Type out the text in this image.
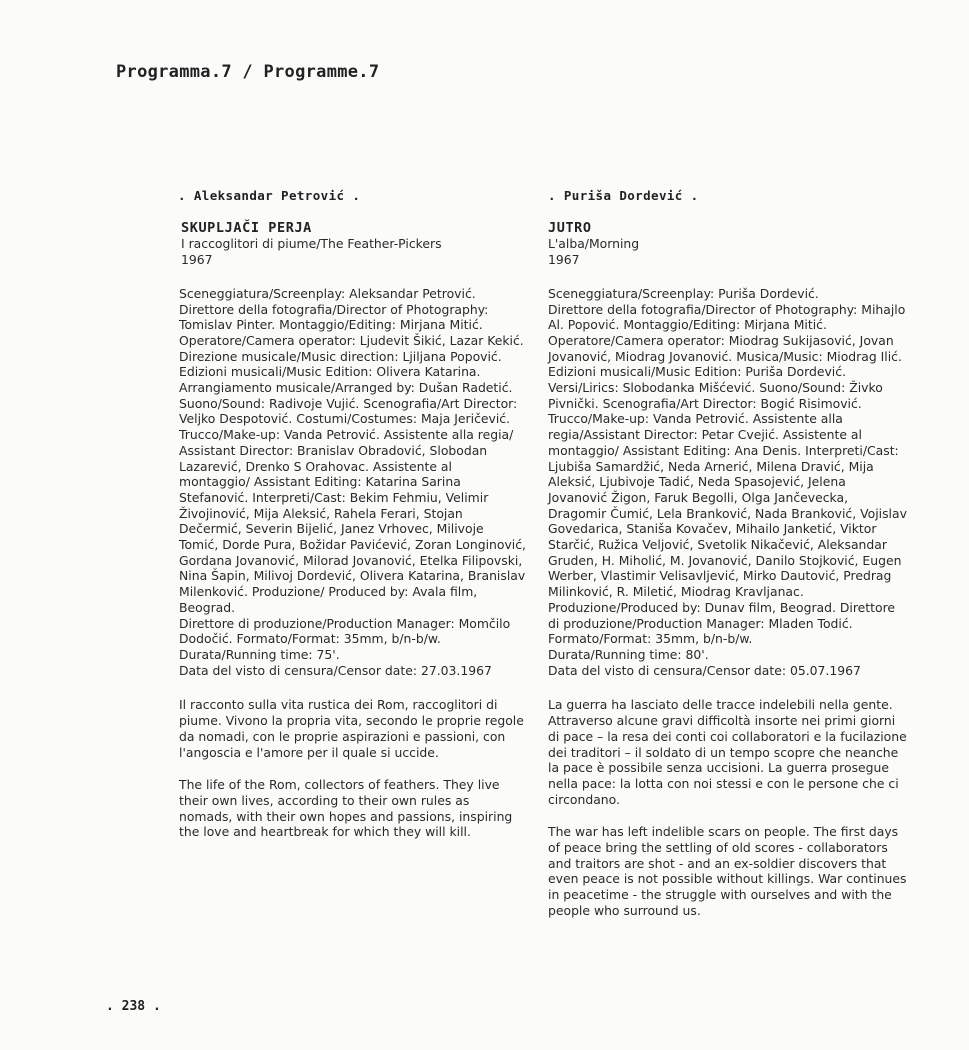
Programma.7 / Programme.7

. Aleksandar Petrović .

SKUPLJAČI PERJA

I raccoglitori di piume/The Feather-Pickers

1967

Sceneggiatura/Screenplay: Aleksandar Petrović.

Direttore della fotografia/Director of Photography: Tomislav Pinter. Montaggio/Editing: Mirjana Mitić. Operatore/Camera operator: Ljudevit Šikić, Lazar Kekić. Direzione musicale/Music direction: Ljiljana Popović. Edizioni musicali/Music Edition: Olivera Katarina. Arrangiamento musicale/Arranged by: Dušan Radetić. Suono/Sound: Radivoje Vujić. Scenografia/Art Director: Veljko Despotović. Costumi/Costumes: Maja Jeričević. Trucco/Make-up: Vanda Petrović. Assistente alla regia/ Assistant Director: Branislav Obradović, Slobodan Lazarević, Drenko S Orahovac. Assistente al montaggio/ Assistant Editing: Katarina Sarina Stefanović. Interpreti/Cast: Bekim Fehmiu, Velimir Živojinović, Mija Aleksić, Rahela Ferari, Stojan Dečermić, Severin Bijelić, Janez Vrhovec, Milivoje Tomić, Dorde Pura, Božidar Pavićević, Zoran Longinović, Gordana Jovanović, Milorad Jovanović, Etelka Filipovski, Nina Šapin, Milivoj Dordević, Olivera Katarina, Branislav Milenković. Produzione/ Produced by: Avala film, Beograd.

Direttore di produzione/Production Manager: Momčilo Dodočić. Formato/Format: 35mm, b/n-b/w.

Durata/Running time: 75'.

Data del visto di censura/Censor date: 27.03.1967

Il racconto sulla vita rustica dei Rom, raccoglitori di piume. Vivono la propria vita, secondo le proprie regole da nomadi, con le proprie aspirazioni e passioni, con l'angoscia e l'amore per il quale si uccide.

The life of the Rom, collectors of feathers. They live their own lives, according to their own rules as nomads, with their own hopes and passions, inspiring the love and heartbreak for which they will kill.

. Puriša Dordević .

JUTRO

L'alba/Morning

1967

Sceneggiatura/Screenplay: Puriša Dordević.

Direttore della fotografia/Director of Photography: Mihajlo Al. Popović. Montaggio/Editing: Mirjana Mitić. Operatore/Camera operator: Miodrag Sukijasović, Jovan Jovanović, Miodrag Jovanović. Musica/Music: Miodrag Ilić. Edizioni musicali/Music Edition: Puriša Dordević. Versi/Lirics: Slobodanka Mišćević. Suono/Sound: Živko Pivnički. Scenografia/Art Director: Bogić Risimović. Trucco/Make-up: Vanda Petrović. Assistente alla regia/Assistant Director: Petar Cvejić. Assistente al montaggio/ Assistant Editing: Ana Denis. Interpreti/Cast: Ljubiša Samardžić, Neda Arnerić, Milena Dravić, Mija Aleksić, Ljubivoje Tadić, Neda Spasojević, Jelena Jovanović Žigon, Faruk Begolli, Olga Jančevecka, Dragomir Čumić, Lela Branković, Nada Branković, Vojislav Govedarica, Staniša Kovačev, Mihailo Janketić, Viktor Starčić, Ružica Veljović, Svetolik Nikačević, Aleksandar Gruden, H. Miholić, M. Jovanović, Danilo Stojković, Eugen Werber, Vlastimir Velisavljević, Mirko Dautović, Predrag Milinković, R. Miletić, Miodrag Kravljanac. Produzione/Produced by: Dunav film, Beograd. Direttore di produzione/Production Manager: Mladen Todić. Formato/Format: 35mm, b/n-b/w.

Durata/Running time: 80'.

Data del visto di censura/Censor date: 05.07.1967

La guerra ha lasciato delle tracce indelebili nella gente. Attraverso alcune gravi difficoltà insorte nei primi giorni di pace – la resa dei conti coi collaboratori e la fucilazione dei traditori – il soldato di un tempo scopre che neanche la pace è possibile senza uccisioni. La guerra prosegue nella pace: la lotta con noi stessi e con le persone che ci circondano.

The war has left indelible scars on people. The first days of peace bring the settling of old scores - collaborators and traitors are shot - and an ex-soldier discovers that even peace is not possible without killings. War continues in peacetime - the struggle with ourselves and with the people who surround us.

. 238 .
